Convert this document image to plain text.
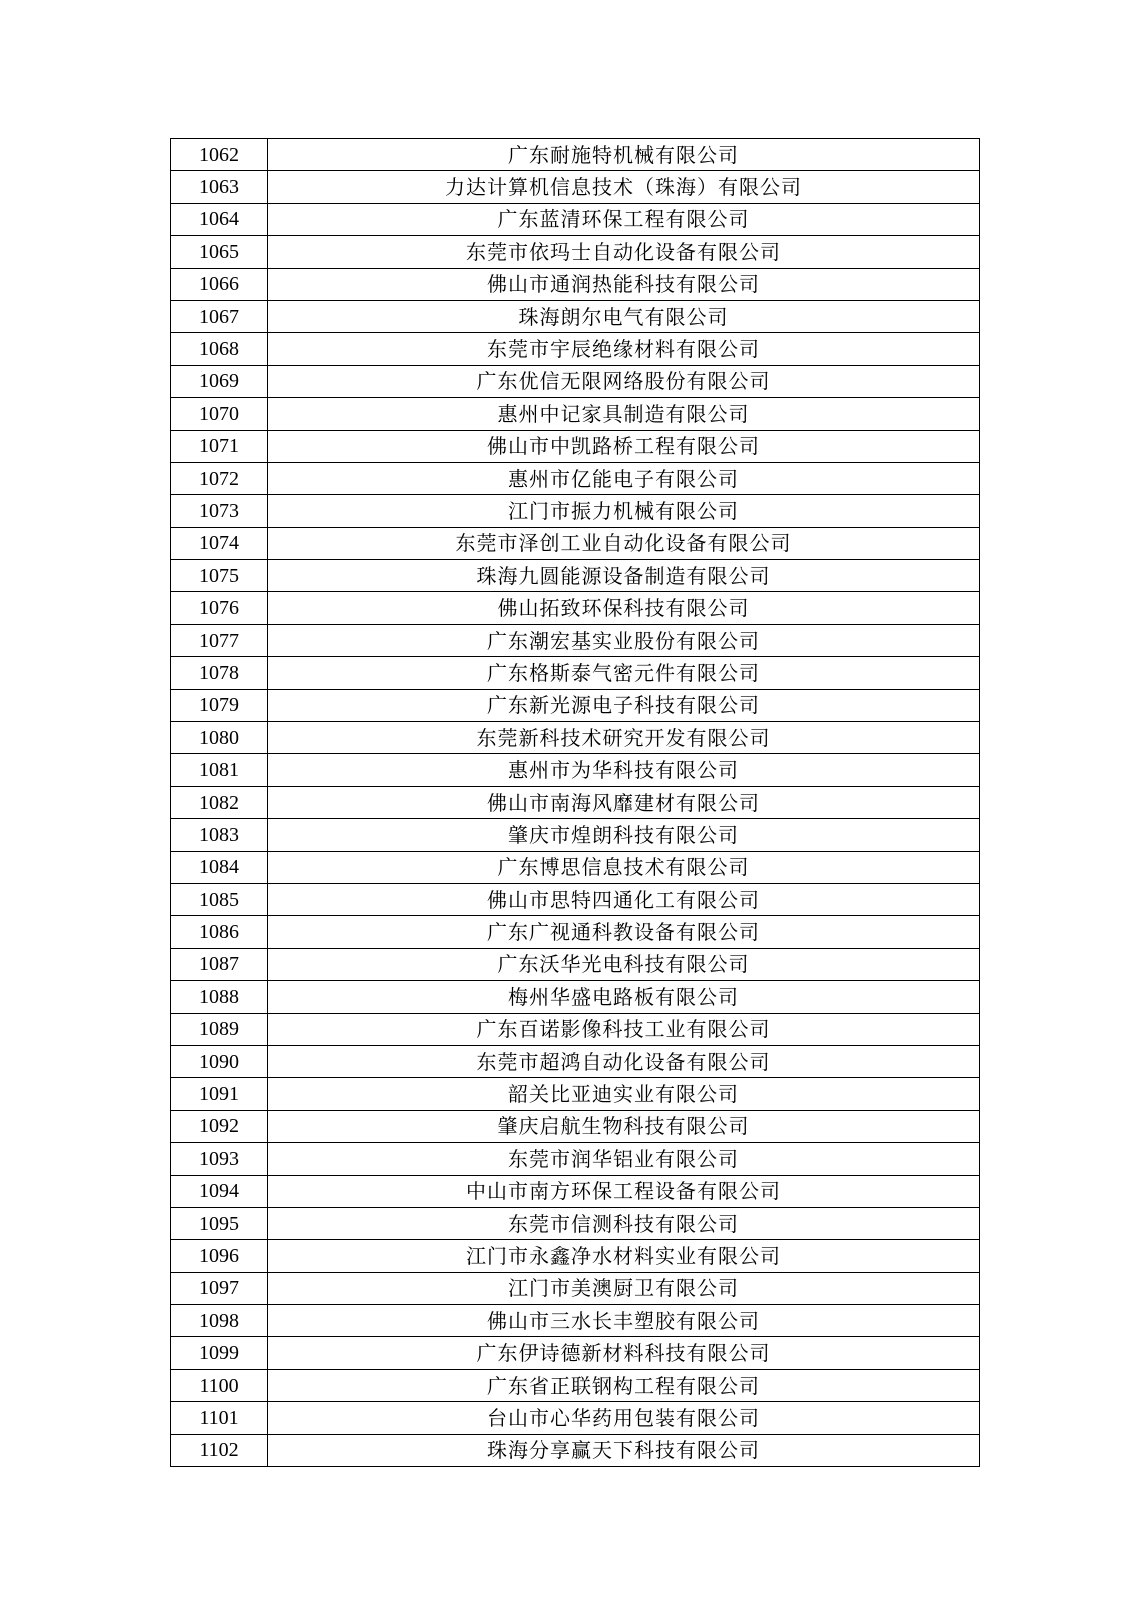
1062	广东耐施特机械有限公司
1063	力达计算机信息技术（珠海）有限公司
1064	广东蓝清环保工程有限公司
1065	东莞市依玛士自动化设备有限公司
1066	佛山市通润热能科技有限公司
1067	珠海朗尔电气有限公司
1068	东莞市宇辰绝缘材料有限公司
1069	广东优信无限网络股份有限公司
1070	惠州中记家具制造有限公司
1071	佛山市中凯路桥工程有限公司
1072	惠州市亿能电子有限公司
1073	江门市振力机械有限公司
1074	东莞市泽创工业自动化设备有限公司
1075	珠海九圆能源设备制造有限公司
1076	佛山拓致环保科技有限公司
1077	广东潮宏基实业股份有限公司
1078	广东格斯泰气密元件有限公司
1079	广东新光源电子科技有限公司
1080	东莞新科技术研究开发有限公司
1081	惠州市为华科技有限公司
1082	佛山市南海风靡建材有限公司
1083	肇庆市煌朗科技有限公司
1084	广东博思信息技术有限公司
1085	佛山市思特四通化工有限公司
1086	广东广视通科教设备有限公司
1087	广东沃华光电科技有限公司
1088	梅州华盛电路板有限公司
1089	广东百诺影像科技工业有限公司
1090	东莞市超鸿自动化设备有限公司
1091	韶关比亚迪实业有限公司
1092	肇庆启航生物科技有限公司
1093	东莞市润华铝业有限公司
1094	中山市南方环保工程设备有限公司
1095	东莞市信测科技有限公司
1096	江门市永鑫净水材料实业有限公司
1097	江门市美澳厨卫有限公司
1098	佛山市三水长丰塑胶有限公司
1099	广东伊诗德新材料科技有限公司
1100	广东省正联钢构工程有限公司
1101	台山市心华药用包装有限公司
1102	珠海分享赢天下科技有限公司
